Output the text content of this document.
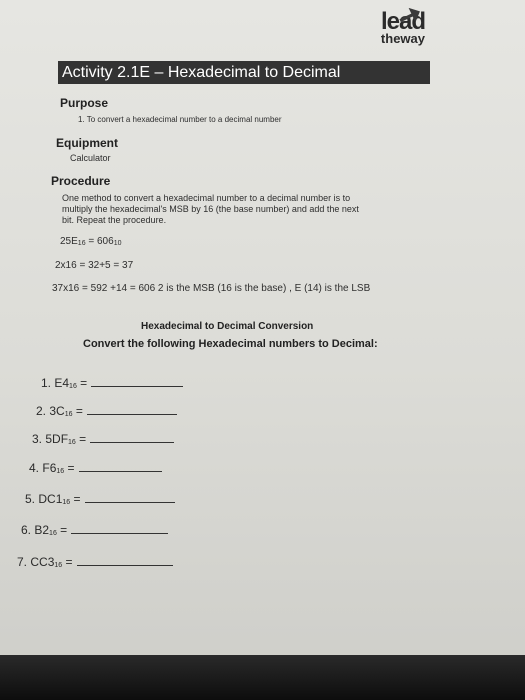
lead
theway
Activity 2.1E – Hexadecimal to Decimal
Purpose
1. To convert a hexadecimal number to a decimal number
Equipment
Calculator
Procedure
One method to convert a hexadecimal number to a decimal number is to
multiply the hexadecimal's MSB by 16 (the base number) and add the next
bit. Repeat the procedure.
$25E_{16} = 606_{10}$
2x16 = 32+5 = 37
37x16 = 592 +14 = 606 2 is the MSB (16 is the base) , E (14) is the LSB
Hexadecimal to Decimal Conversion
Convert the following Hexadecimal numbers to Decimal:
1. $E4_{16}$ =
2. $3C_{16}$ =
3. $5DF_{16}$ =
4. $F6_{16}$ =
5. $DC1_{16}$ =
6. $B2_{16}$ =
7. $CC3_{16}$ =
